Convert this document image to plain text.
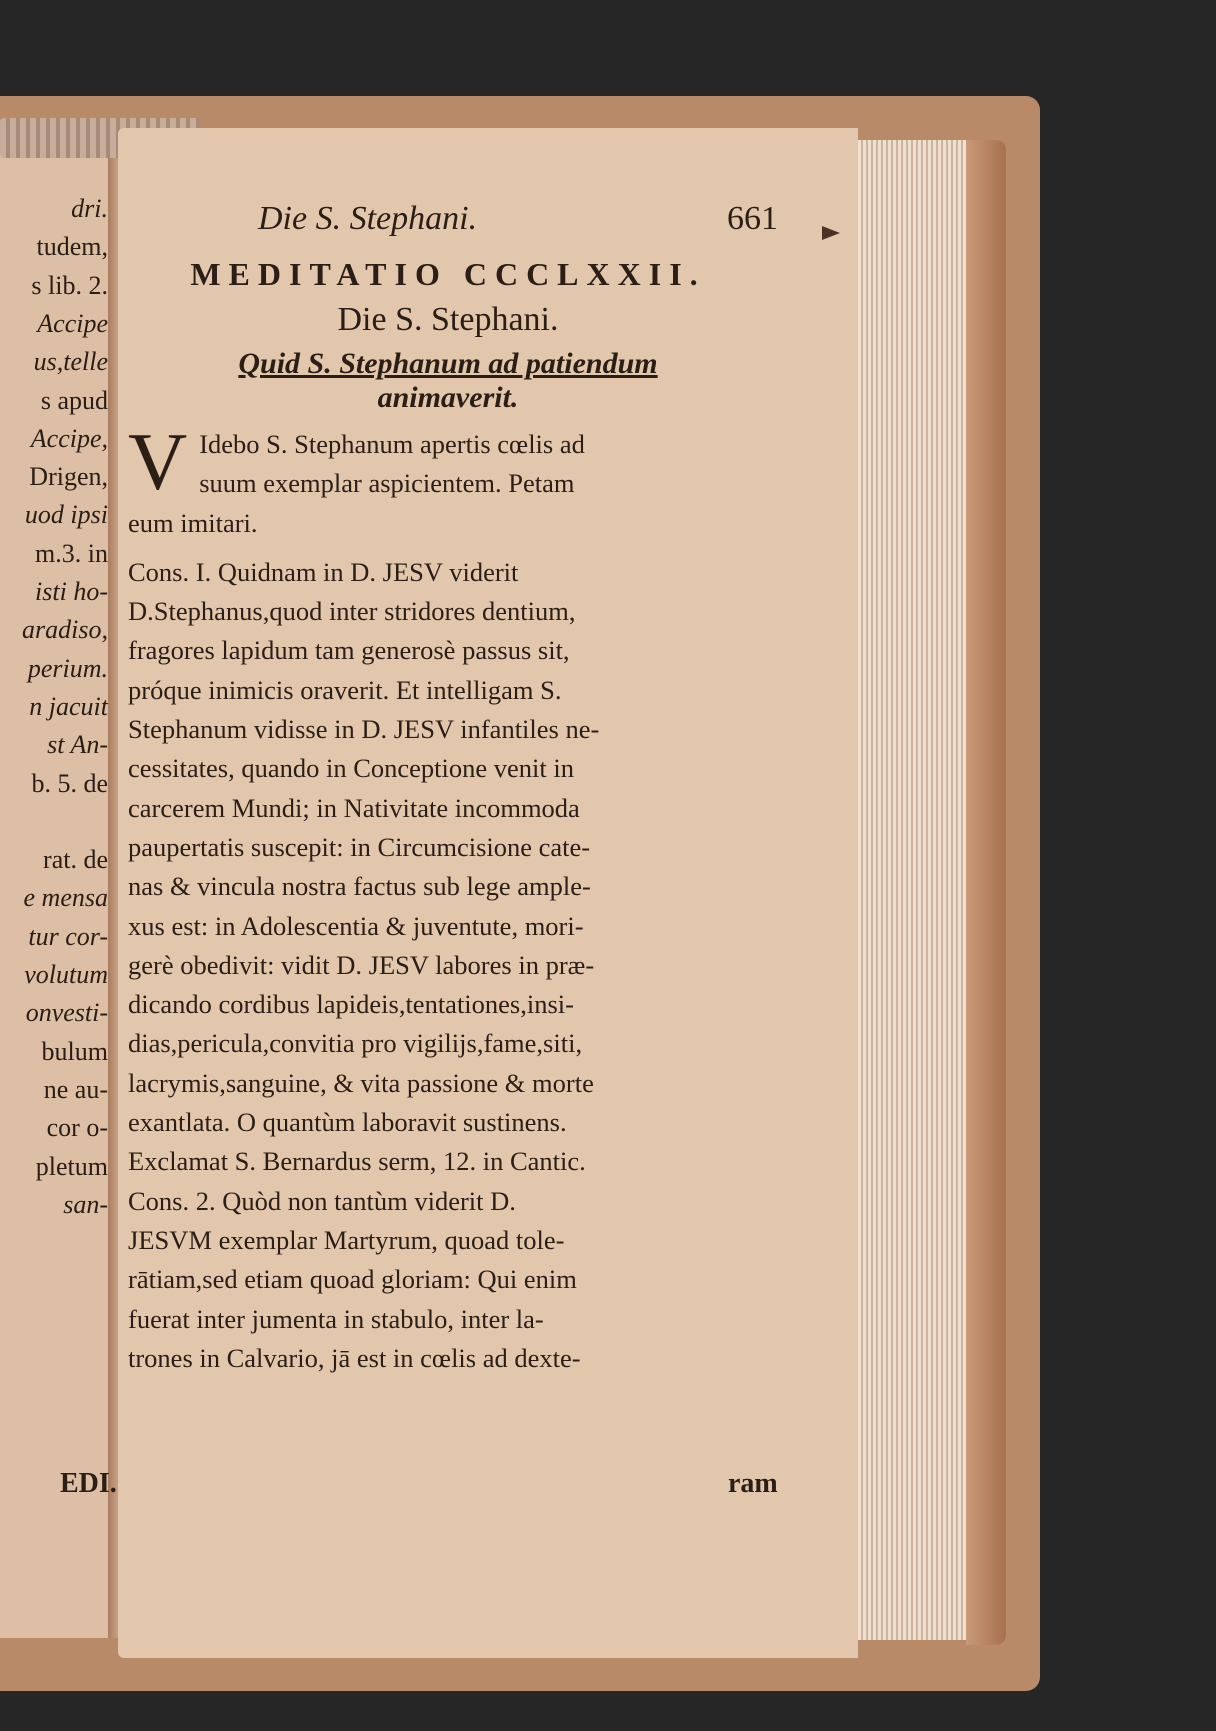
dri.
tudem,
s lib. 2.
Accipe
us,telle
s apud
Accipe,
Drigen,
uod ipsi
m.3. in
isti ho-
aradiso,
perium.
n jacuit
st An-
b. 5. de
rat. de
e mensa
tur cor-
volutum
onvesti-
bulum
ne au-
cor o-
pletum
san-
Die S. Stephani.	661
MEDITATIO CCCLXXII.
Die S. Stephani.
Quid S. Stephanum ad patiendum
animaverit.
V Idebo S. Stephanum apertis cœlis ad
suum exemplar aspicientem. Petam
eum imitari.
Cons. I. Quidnam in D. JESV viderit
D.Stephanus,quod inter stridores dentium,
fragores lapidum tam generosè passus sit,
próque inimicis oraverit. Et intelligam S.
Stephanum vidisse in D. JESV infantiles ne-
cessitates, quando in Conceptione venit in
carcerem Mundi; in Nativitate incommoda
paupertatis suscepit: in Circumcisione cate-
nas & vincula nostra factus sub lege ample-
xus est: in Adolescentia & juventute, mori-
gerè obedivit: vidit D. JESV labores in præ-
dicando cordibus lapideis,tentationes,insi-
dias,pericula,convitia pro vigilijs,fame,siti,
lacrymis,sanguine, & vita passione & morte
exantlata. O quantùm laboravit sustinens.
Exclamat S. Bernardus serm, 12. in Cantic.
Cons. 2. Quòd non tantùm viderit D.
JESVM exemplar Martyrum, quoad tole-
rātiam,sed etiam quoad gloriam: Qui enim
fuerat inter jumenta in stabulo, inter la-
trones in Calvario, jā est in cœlis ad dexte-
ram
EDI.
